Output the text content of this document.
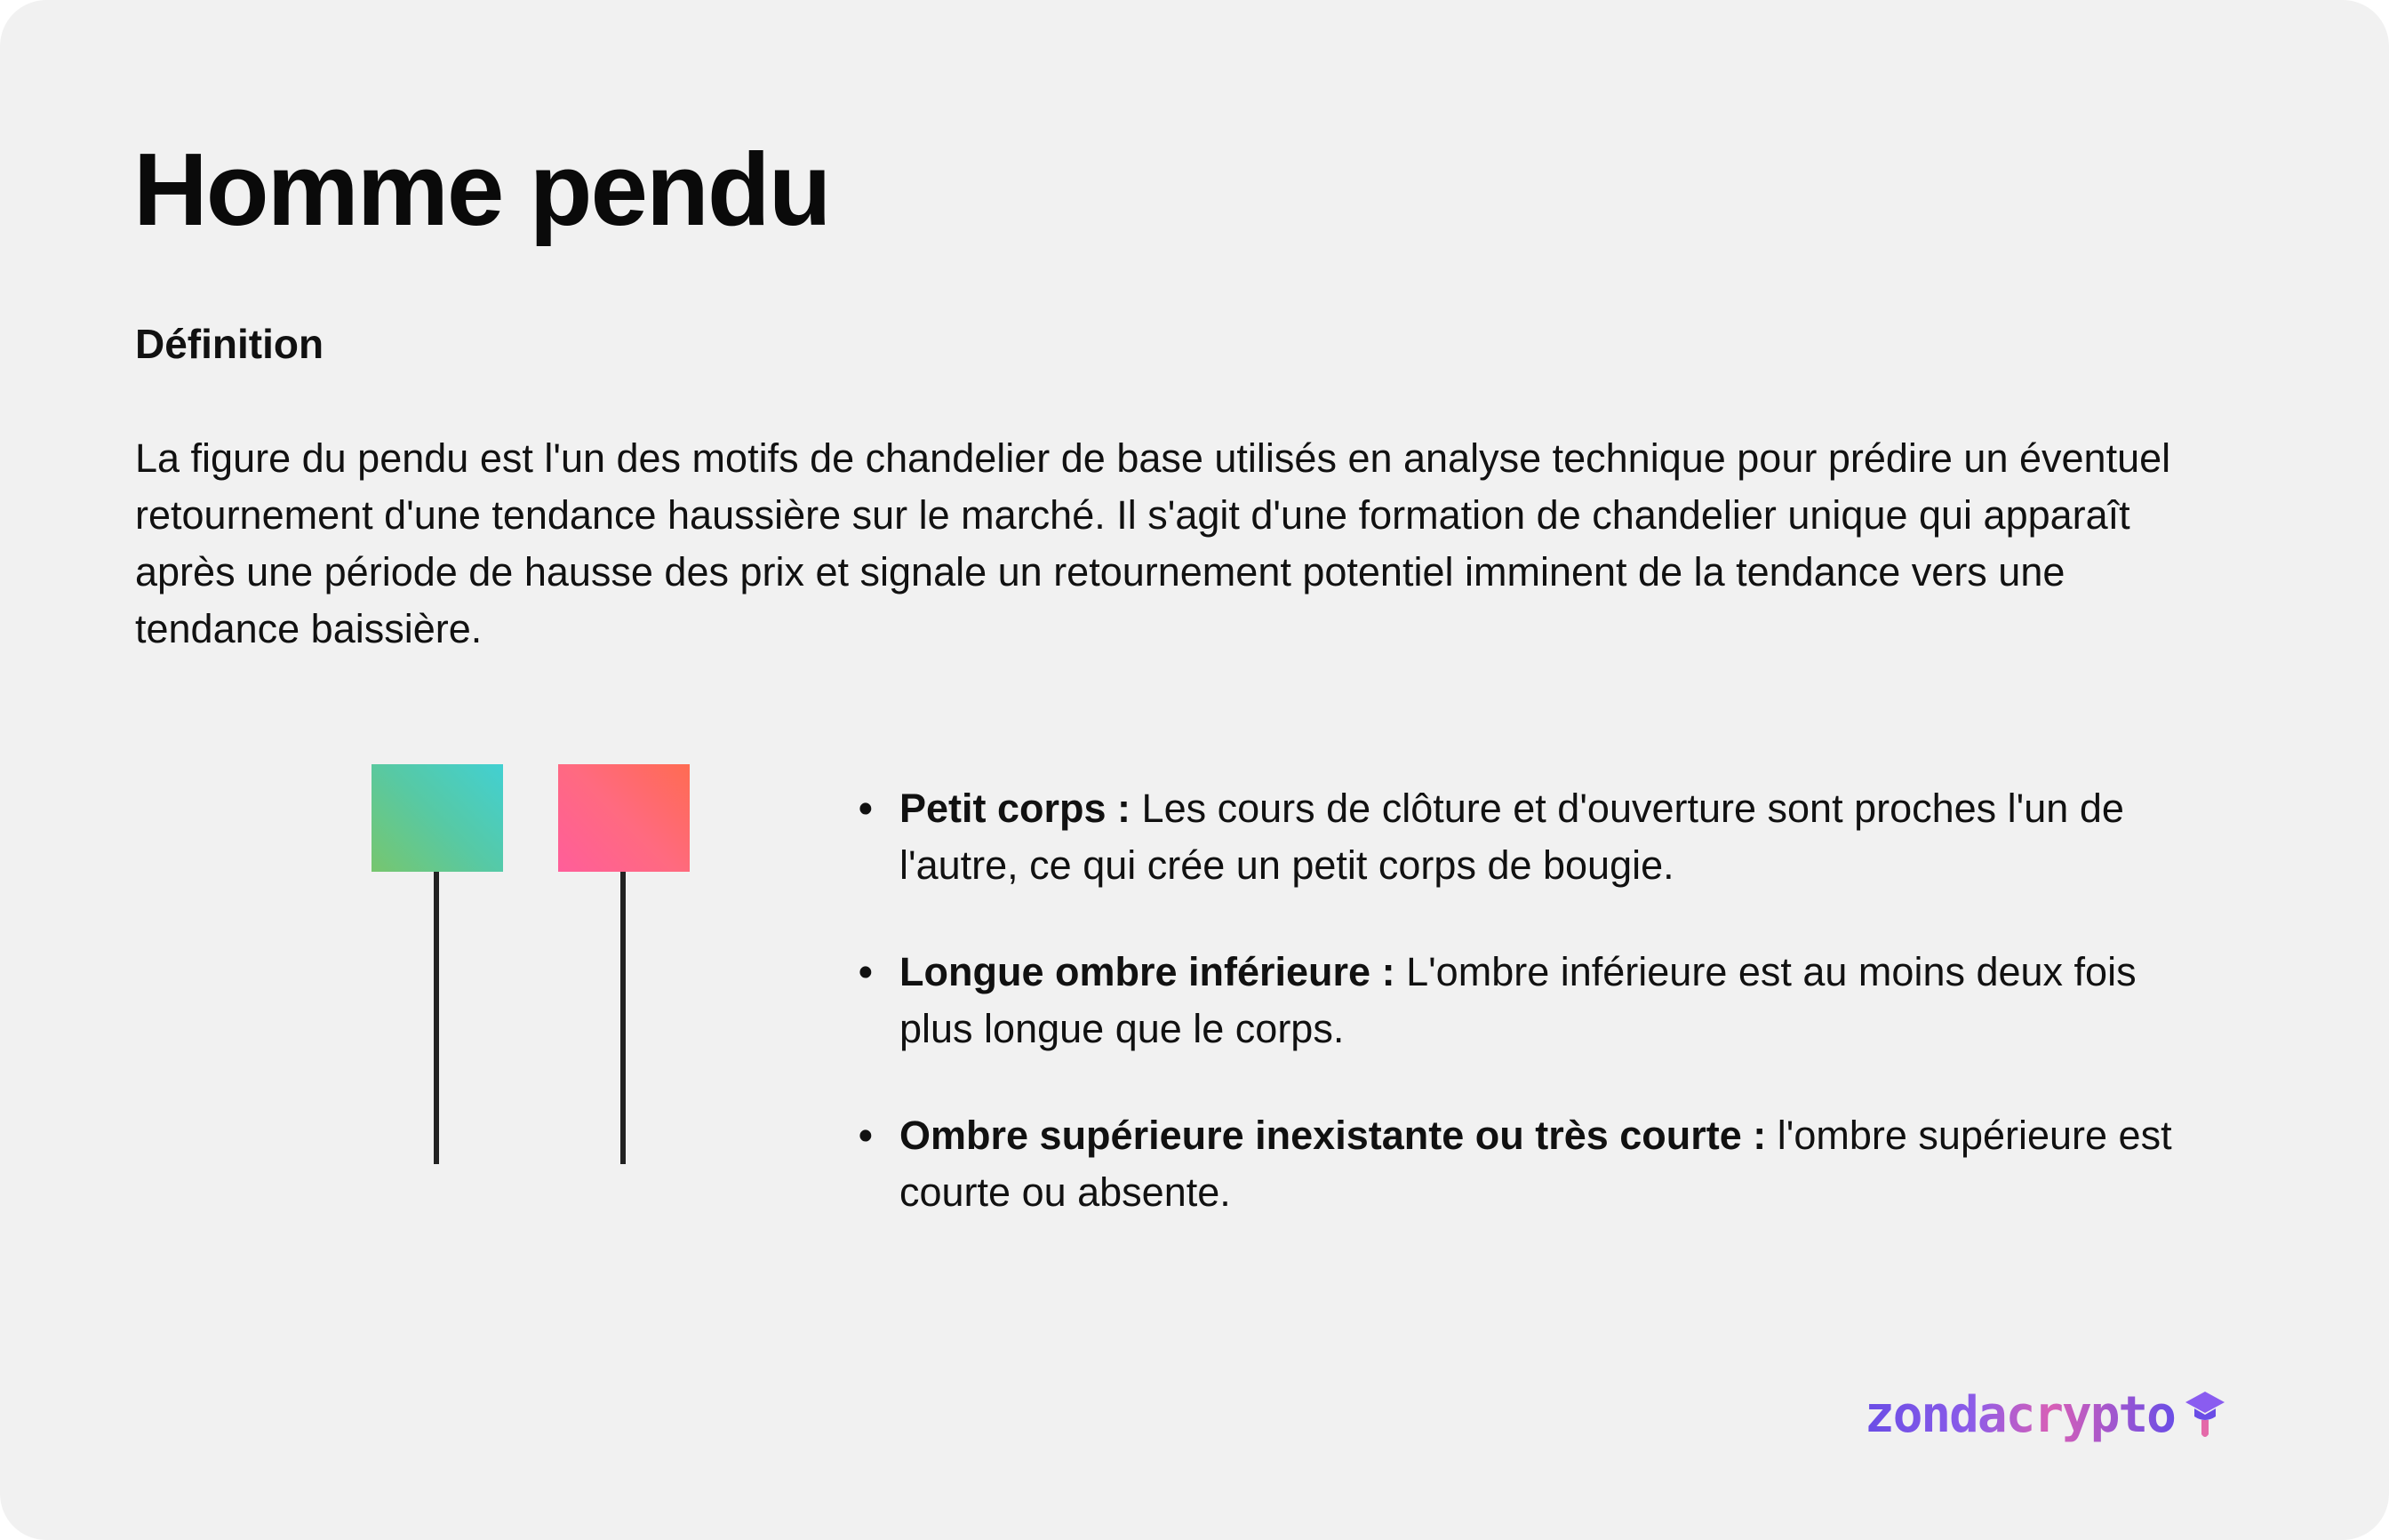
Homme pendu
Définition

La figure du pendu est l'un des motifs de chandelier de base utilisés en analyse technique pour prédire un éventuel retournement d'une tendance haussière sur le marché. Il s'agit d'une formation de chandelier unique qui apparaît après une période de hausse des prix et signale un retournement potentiel imminent de la tendance vers une tendance baissière.

• Petit corps : Les cours de clôture et d'ouverture sont proches l'un de l'autre, ce qui crée un petit corps de bougie.
• Longue ombre inférieure : L'ombre inférieure est au moins deux fois plus longue que le corps.
• Ombre supérieure inexistante ou très courte : l'ombre supérieure est courte ou absente.
zondacrypto
